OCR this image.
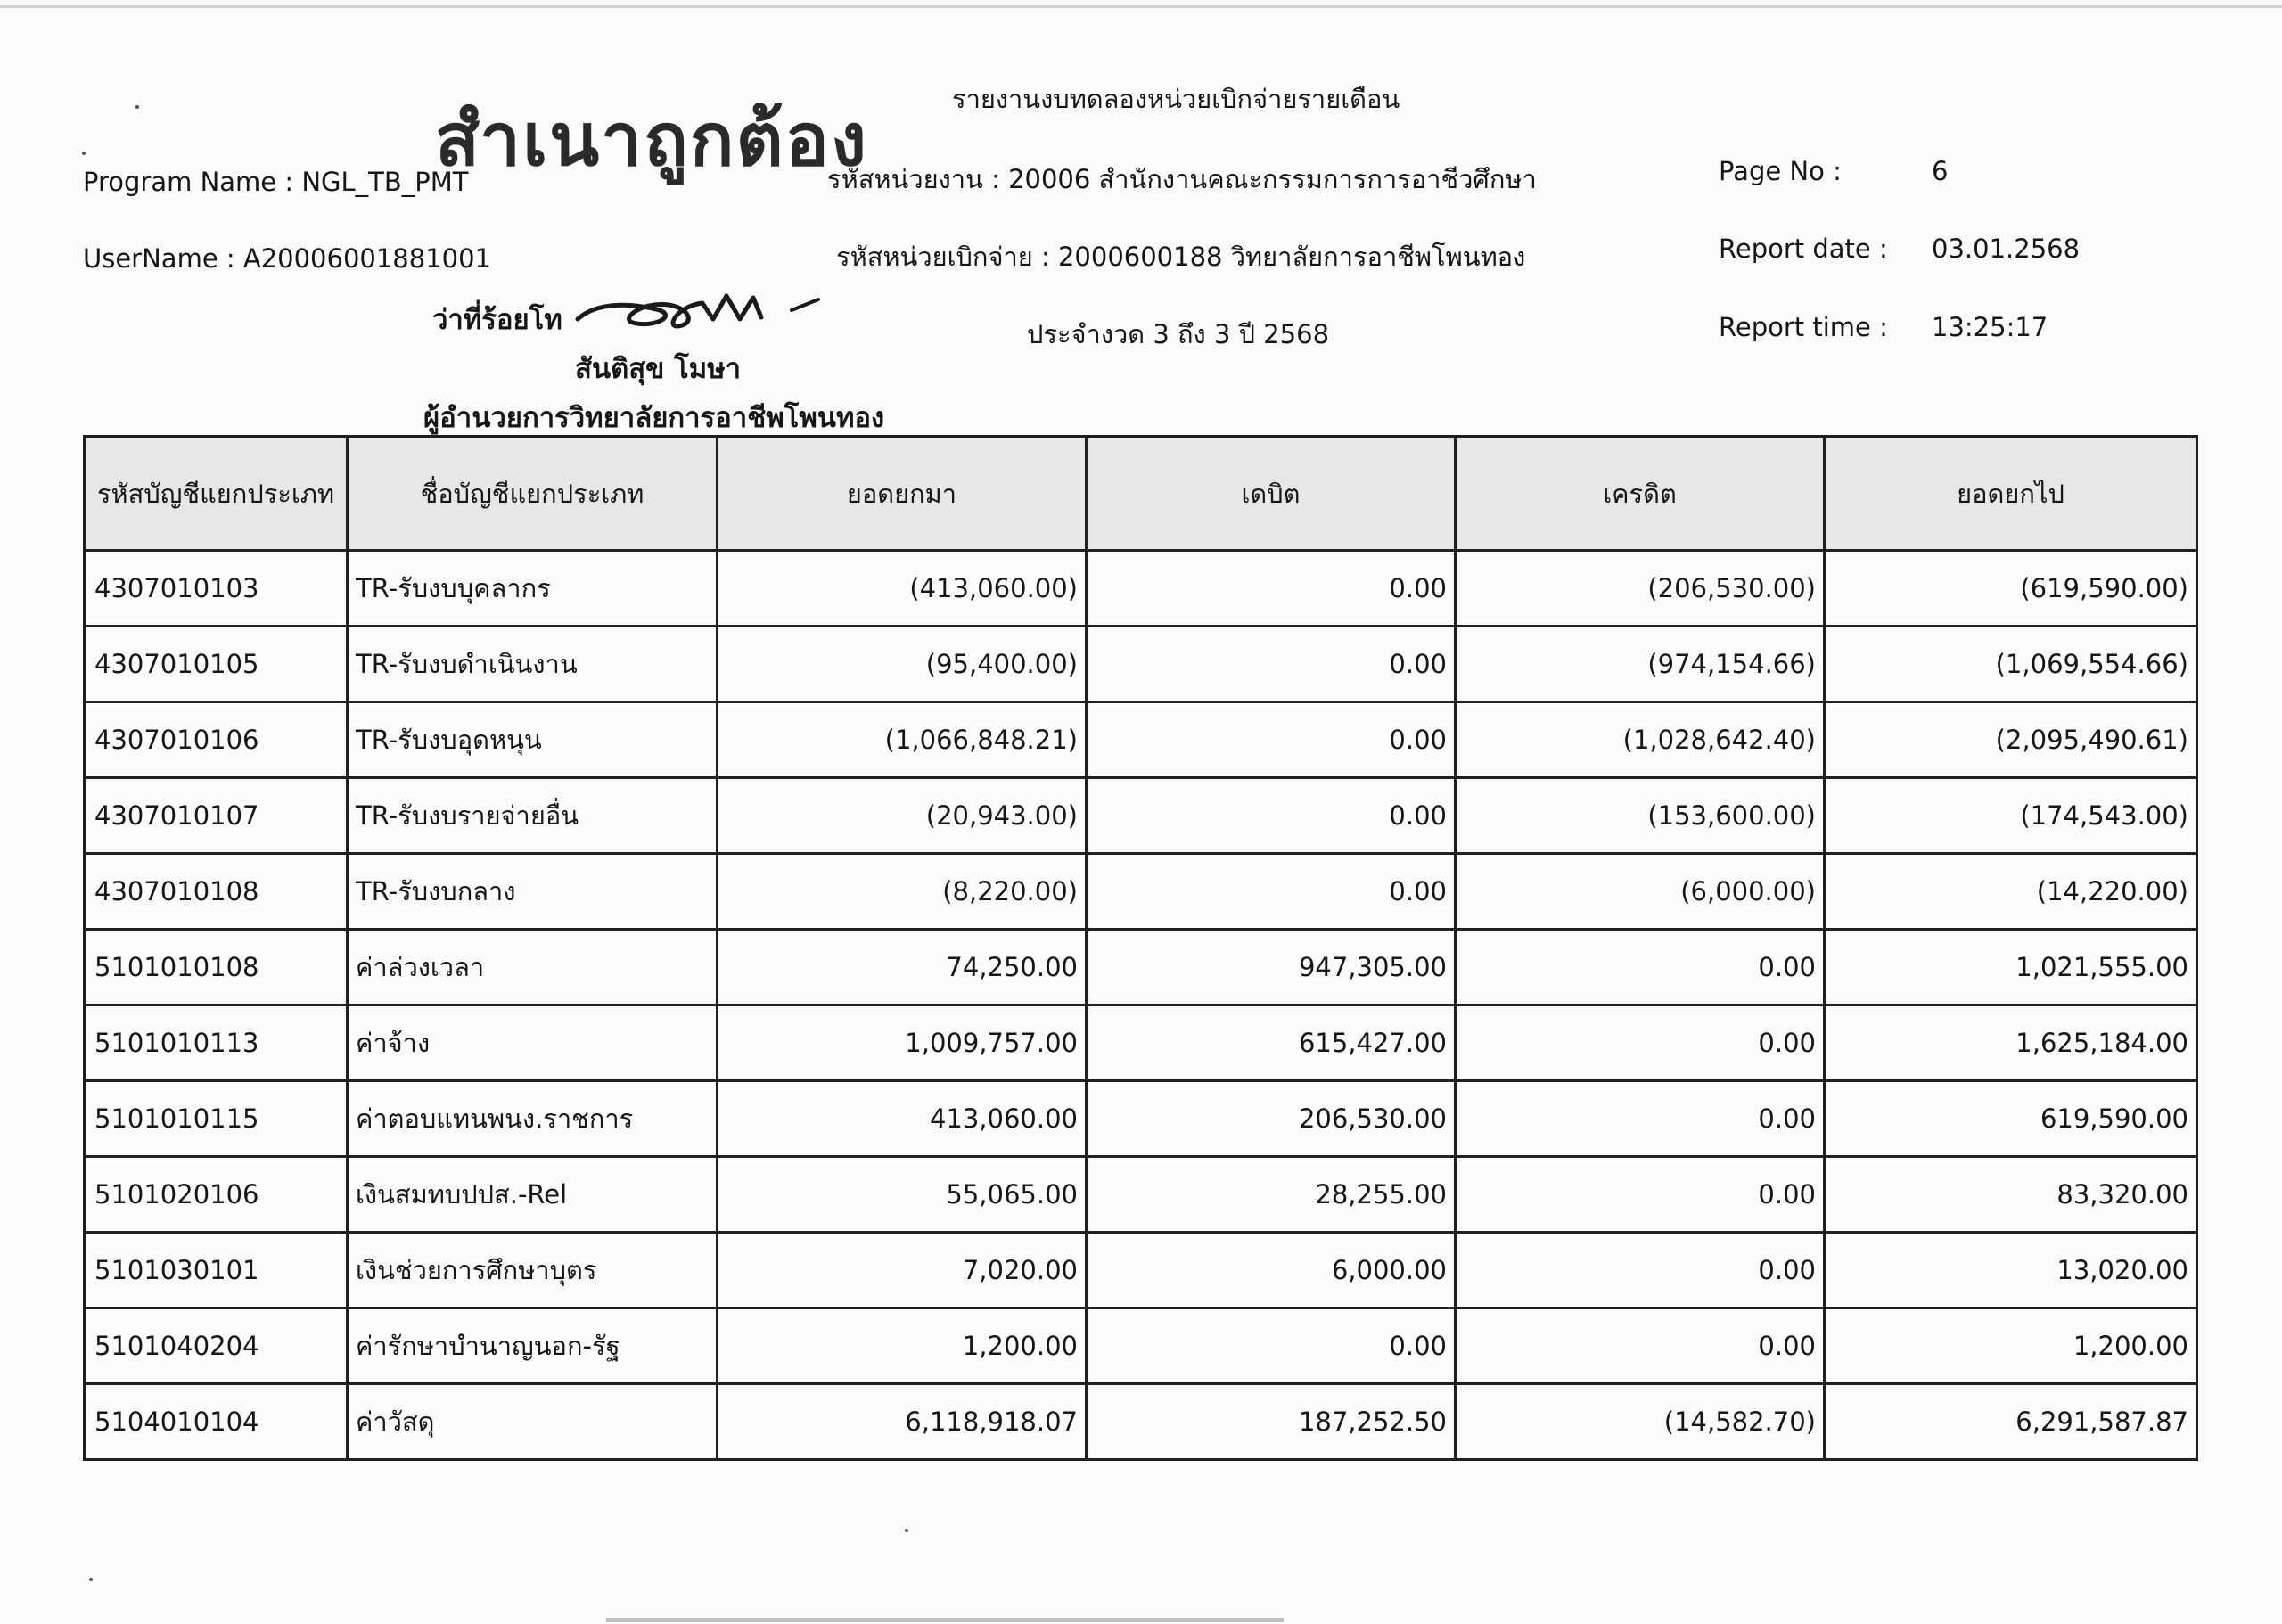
สำเนาถูกต้อง	รายงานงบทดลองหน่วยเบิกจ่ายรายเดือน
รหัสหน่วยงาน : 20006 สำนักงานคณะกรรมการการอาชีวศึกษา
รหัสหน่วยเบิกจ่าย : 2000600188 วิทยาลัยการอาชีพโพนทอง
ประจำงวด 3 ถึง 3 ปี 2568
Program Name : NGL_TB_PMT
UserName : A20006001881001
Page No :	6
Report date : 03.01.2568
Report time : 13:25:17
ว่าที่ร้อยโท
สันติสุข โมษา
ผู้อำนวยการวิทยาลัยการอาชีพโพนทอง
รหัสบัญชีแยกประเภท	ชื่อบัญชีแยกประเภท	ยอดยกมา	เดบิต	เครดิต	ยอดยกไป
4307010103	TR-รับงบบุคลากร	(413,060.00)	0.00	(206,530.00)	(619,590.00)
4307010105	TR-รับงบดำเนินงาน	(95,400.00)	0.00	(974,154.66)	(1,069,554.66)
4307010106	TR-รับงบอุดหนุน	(1,066,848.21)	0.00	(1,028,642.40)	(2,095,490.61)
4307010107	TR-รับงบรายจ่ายอื่น	(20,943.00)	0.00	(153,600.00)	(174,543.00)
4307010108	TR-รับงบกลาง	(8,220.00)	0.00	(6,000.00)	(14,220.00)
5101010108	ค่าล่วงเวลา	74,250.00	947,305.00	0.00	1,021,555.00
5101010113	ค่าจ้าง	1,009,757.00	615,427.00	0.00	1,625,184.00
5101010115	ค่าตอบแทนพนง.ราชการ	413,060.00	206,530.00	0.00	619,590.00
5101020106	เงินสมทบปปส.-Rel	55,065.00	28,255.00	0.00	83,320.00
5101030101	เงินช่วยการศึกษาบุตร	7,020.00	6,000.00	0.00	13,020.00
5101040204	ค่ารักษาบำนาญนอก-รัฐ	1,200.00	0.00	0.00	1,200.00
5104010104	ค่าวัสดุ	6,118,918.07	187,252.50	(14,582.70)	6,291,587.87
